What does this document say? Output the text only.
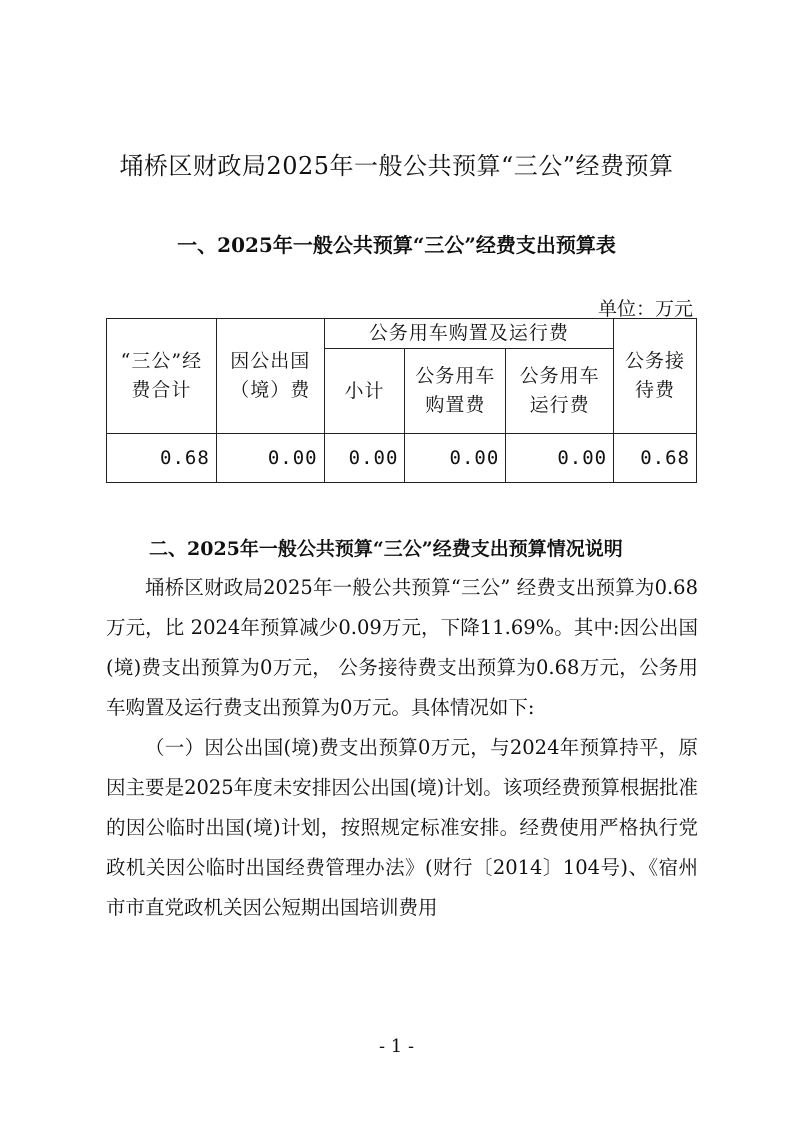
埇桥区财政局2025年一般公共预算“三公”经费预算
一、2025年一般公共预算“三公”经费支出预算表
单位：万元
“三公”经费合计	因公出国（境）费	公务用车购置及运行费			公务接待费

		小计	公务用车购置费	公务用车运行费	

0.68	0.00	0.00	0.00	0.00	0.68
二、2025年一般公共预算“三公”经费支出预算情况说明

埇桥区财政局2025年一般公共预算“三公” 经费支出预算为0.68万元，比 2024年预算减少0.09万元，下降11.69%。其中:因公出国(境)费支出预算为0万元， 公务接待费支出预算为0.68万元，公务用车购置及运行费支出预算为0万元。具体情况如下:

（一）因公出国(境)费支出预算0万元，与2024年预算持平，原因主要是2025年度未安排因公出国(境)计划。该项经费预算根据批准的因公临时出国(境)计划，按照规定标准安排。经费使用严格执行党政机关因公临时出国经费管理办法》(财行〔2014〕104号)、《宿州市市直党政机关因公短期出国培训费用

- 1 -
